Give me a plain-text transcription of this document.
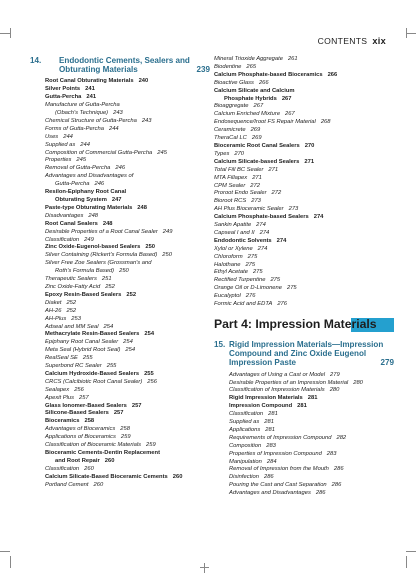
CONTENTS xix
14. Endodontic Cements, Sealers and
Obturating Materials	239
Root Canal Obturating Materials 240
Silver Points 241
Gutta-Percha 241
Manufacture of Gutta-Percha
(Obach's Technique) 243
Chemical Structure of Gutta-Percha 243
Forms of Gutta-Percha 244
Uses 244
Supplied as 244
Composition of Commercial Gutta-Percha 245
Properties 245
Removal of Gutta-Percha 246
Advantages and Disadvantages of
Gutta-Percha 246
Resilon-Epiphany Root Canal
Obturating System 247
Paste-type Obturating Materials 248
Disadvantages 248
Root Canal Sealers 248
Desirable Properties of a Root Canal Sealer 249
Classification 249
Zinc Oxide-Eugenol-based Sealers 250
Silver Containing (Rickert's Formula Based) 250
Silver Free Zoe Sealers (Grossman's and
Roth's Formula Based) 250
Therapeutic Sealers 251
Zinc Oxide-Fatty Acid 252
Epoxy Resin-Based Sealers 252
Diaket 252
AH-26 252
AH-Plus 253
Adseal and MM Seal 254
Methacrylate Resin-Based Sealers 254
Epiphany Root Canal Sealer 254
Meta Seal (Hybrid Root Seal) 254
RealSeal SE 255
Superbond RC Sealer 255
Calcium Hydroxide-Based Sealers 255
CRCS (Calcibiotic Root Canal Sealer) 256
Sealapex 256
Apexit Plus 257
Glass Ionomer-Based Sealers 257
Silicone-Based Sealers 257
Bioceramics 258
Advantages of Bioceramics 258
Applications of Bioceramics 259
Classification of Bioceramic Materials 259
Bioceramic Cements-Dentin Replacement
and Root Repair 260
Classification 260
Calcium Silicate-Based Bioceramic Cements 260
Portland Cement 260
Mineral Trioxide Aggregate 261
Biodentine 265
Calcium Phosphate-based Bioceramics 266
Bioactive Glass 266
Calcium Silicate and Calcium
Phosphate Hybrids 267
Bioaggregate 267
Calcium Enriched Mixture 267
Endosequence/Iroot FS Repair Material 268
Ceramicrete 269
TheraCal LC 269
Bioceramic Root Canal Sealers 270
Types 270
Calcium Silicate-based Sealers 271
Total Fill BC Sealer 271
MTA Fillapex 271
CPM Sealer 272
Proroot Endo Sealer 272
Bioroot RCS 273
AH Plus Bioceramic Sealer 273
Calcium Phosphate-based Sealers 274
Sankin Apatite 274
Capseal I and II 274
Endodontic Solvents 274
Xylol or Xylene 274
Chloroform 275
Halothane 275
Ethyl Acetate 275
Rectified Turpentine 275
Orange Oil or D-Limonene 275
Eucalyptol 276
Formic Acid and EDTA 276
Part 4: Impression Materials
15. Rigid Impression Materials—Impression
Compound and Zinc Oxide Eugenol
Impression Paste	279
Advantages of Using a Cast or Model 279
Desirable Properties of an Impression Material 280
Classification of Impression Materials 280
Rigid Impression Materials 281
Impression Compound 281
Classification 281
Supplied as 281
Applications 281
Requirements of Impression Compound 282
Composition 283
Properties of Impression Compound 283
Manipulation 284
Removal of Impression from the Mouth 286
Disinfection 286
Pouring the Cast and Cast Separation 286
Advantages and Disadvantages 286
